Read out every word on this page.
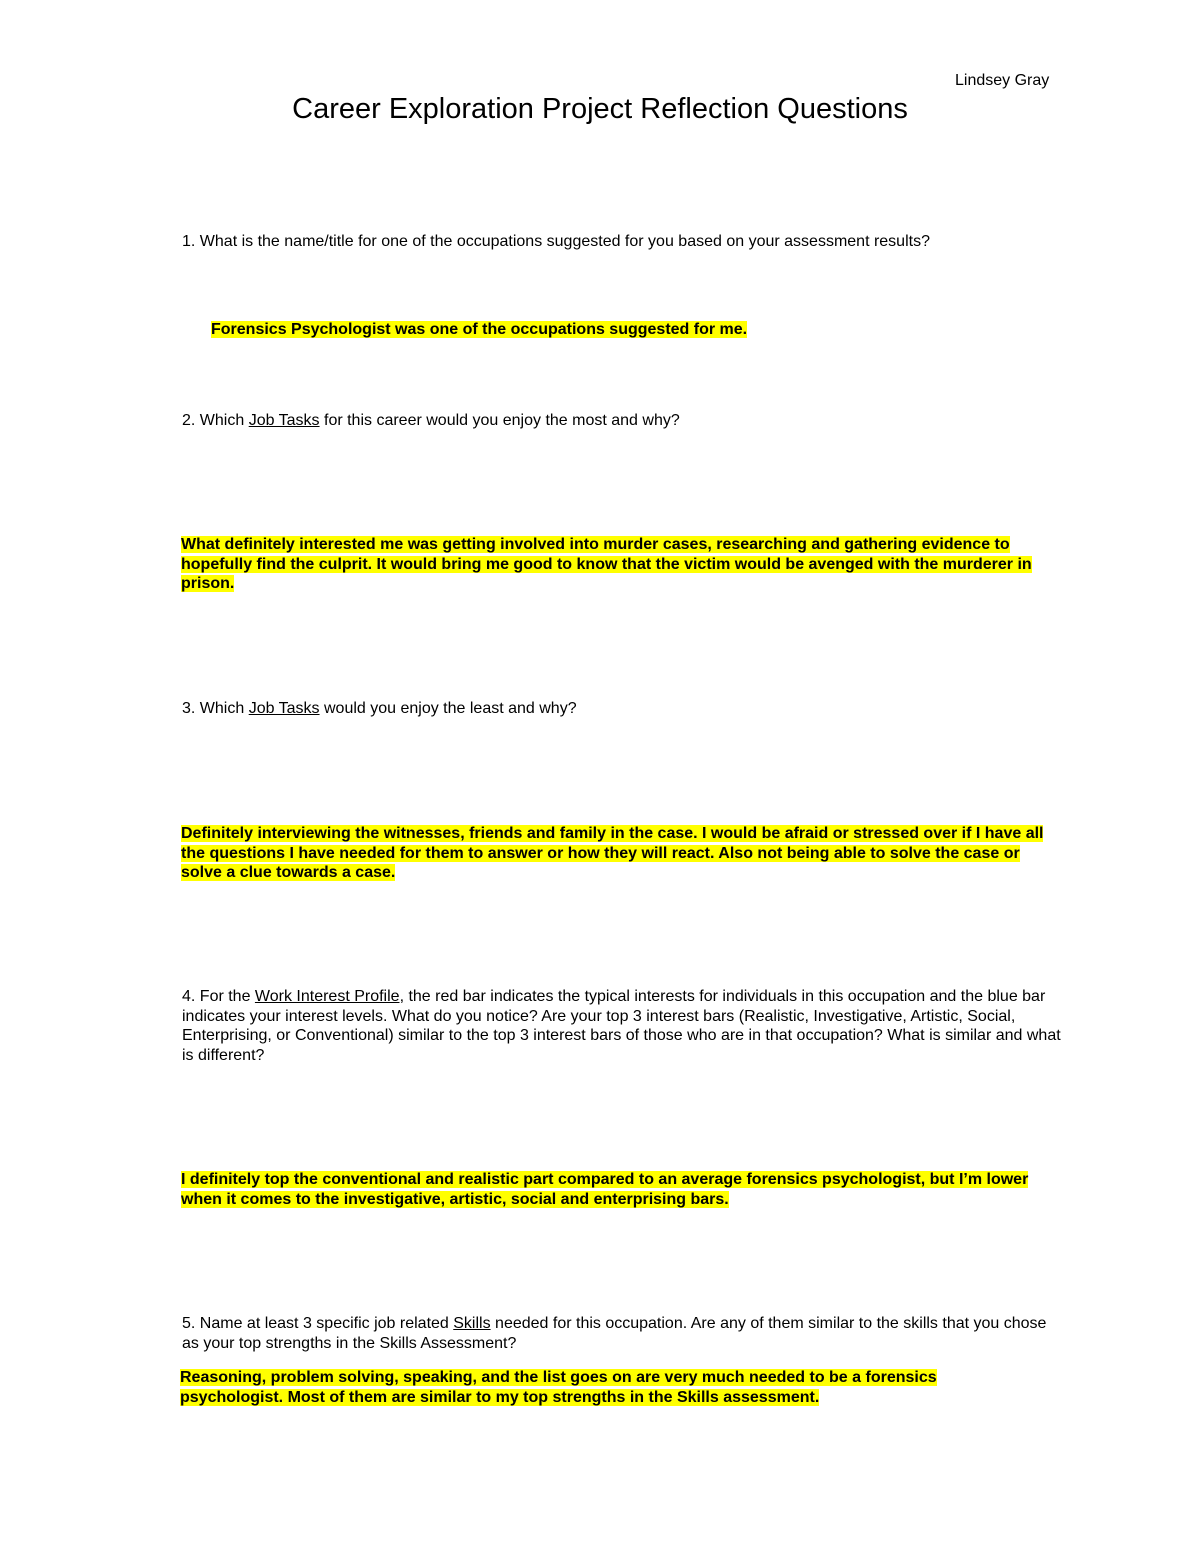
Lindsey Gray
Career Exploration Project Reflection Questions

1. What is the name/title for one of the occupations suggested for you based on your assessment results?

Forensics Psychologist was one of the occupations suggested for me.

2. Which Job Tasks for this career would you enjoy the most and why?

What definitely interested me was getting involved into murder cases, researching and gathering evidence to hopefully find the culprit. It would bring me good to know that the victim would be avenged with the murderer in prison.

3. Which Job Tasks would you enjoy the least and why?

Definitely interviewing the witnesses, friends and family in the case. I would be afraid or stressed over if I have all the questions I have needed for them to answer or how they will react. Also not being able to solve the case or solve a clue towards a case.

4. For the Work Interest Profile, the red bar indicates the typical interests for individuals in this occupation and the blue bar indicates your interest levels. What do you notice? Are your top 3 interest bars (Realistic, Investigative, Artistic, Social, Enterprising, or Conventional) similar to the top 3 interest bars of those who are in that occupation? What is similar and what is different?

I definitely top the conventional and realistic part compared to an average forensics psychologist, but I’m lower when it comes to the investigative, artistic, social and enterprising bars.

5. Name at least 3 specific job related Skills needed for this occupation. Are any of them similar to the skills that you chose as your top strengths in the Skills Assessment?

Reasoning, problem solving, speaking, and the list goes on are very much needed to be a forensics psychologist. Most of them are similar to my top strengths in the Skills assessment.
